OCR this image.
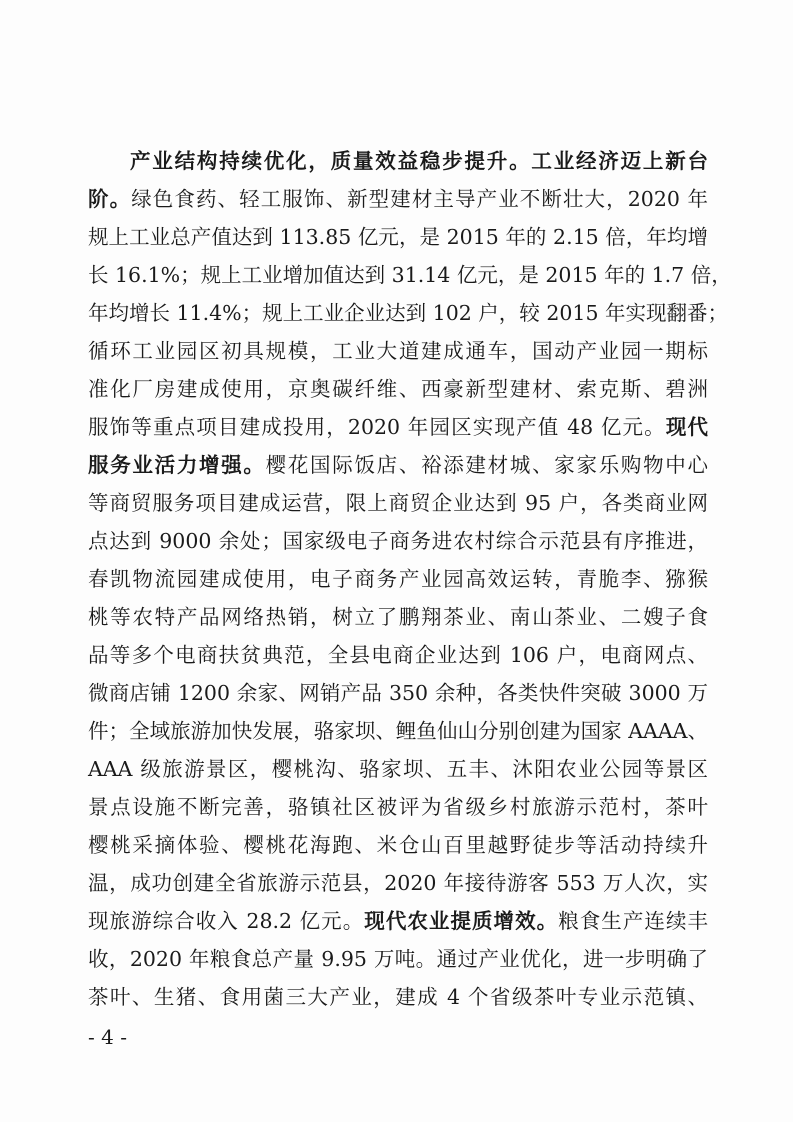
产业结构持续优化，质量效益稳步提升。工业经济迈上新台
阶。绿色食药、轻工服饰、新型建材主导产业不断壮大，2020 年
规上工业总产值达到 113.85 亿元，是 2015 年的 2.15 倍，年均增
长 16.1%；规上工业增加值达到 31.14 亿元，是 2015 年的 1.7 倍，
年均增长 11.4%；规上工业企业达到 102 户，较 2015 年实现翻番；
循环工业园区初具规模，工业大道建成通车，国动产业园一期标
准化厂房建成使用，京奥碳纤维、西豪新型建材、索克斯、碧洲
服饰等重点项目建成投用，2020 年园区实现产值 48 亿元。现代
服务业活力增强。樱花国际饭店、裕添建材城、家家乐购物中心
等商贸服务项目建成运营，限上商贸企业达到 95 户，各类商业网
点达到 9000 余处；国家级电子商务进农村综合示范县有序推进，
春凯物流园建成使用，电子商务产业园高效运转，青脆李、猕猴
桃等农特产品网络热销，树立了鹏翔茶业、南山茶业、二嫂子食
品等多个电商扶贫典范，全县电商企业达到 106 户，电商网点、
微商店铺 1200 余家、网销产品 350 余种，各类快件突破 3000 万
件；全域旅游加快发展，骆家坝、鲤鱼仙山分别创建为国家 AAAA、
AAA 级旅游景区，樱桃沟、骆家坝、五丰、沐阳农业公园等景区
景点设施不断完善，骆镇社区被评为省级乡村旅游示范村，茶叶
樱桃采摘体验、樱桃花海跑、米仓山百里越野徒步等活动持续升
温，成功创建全省旅游示范县，2020 年接待游客 553 万人次，实
现旅游综合收入 28.2 亿元。现代农业提质增效。粮食生产连续丰
收，2020 年粮食总产量 9.95 万吨。通过产业优化，进一步明确了
茶叶、生猪、食用菌三大产业，建成 4 个省级茶叶专业示范镇、
- 4 -
